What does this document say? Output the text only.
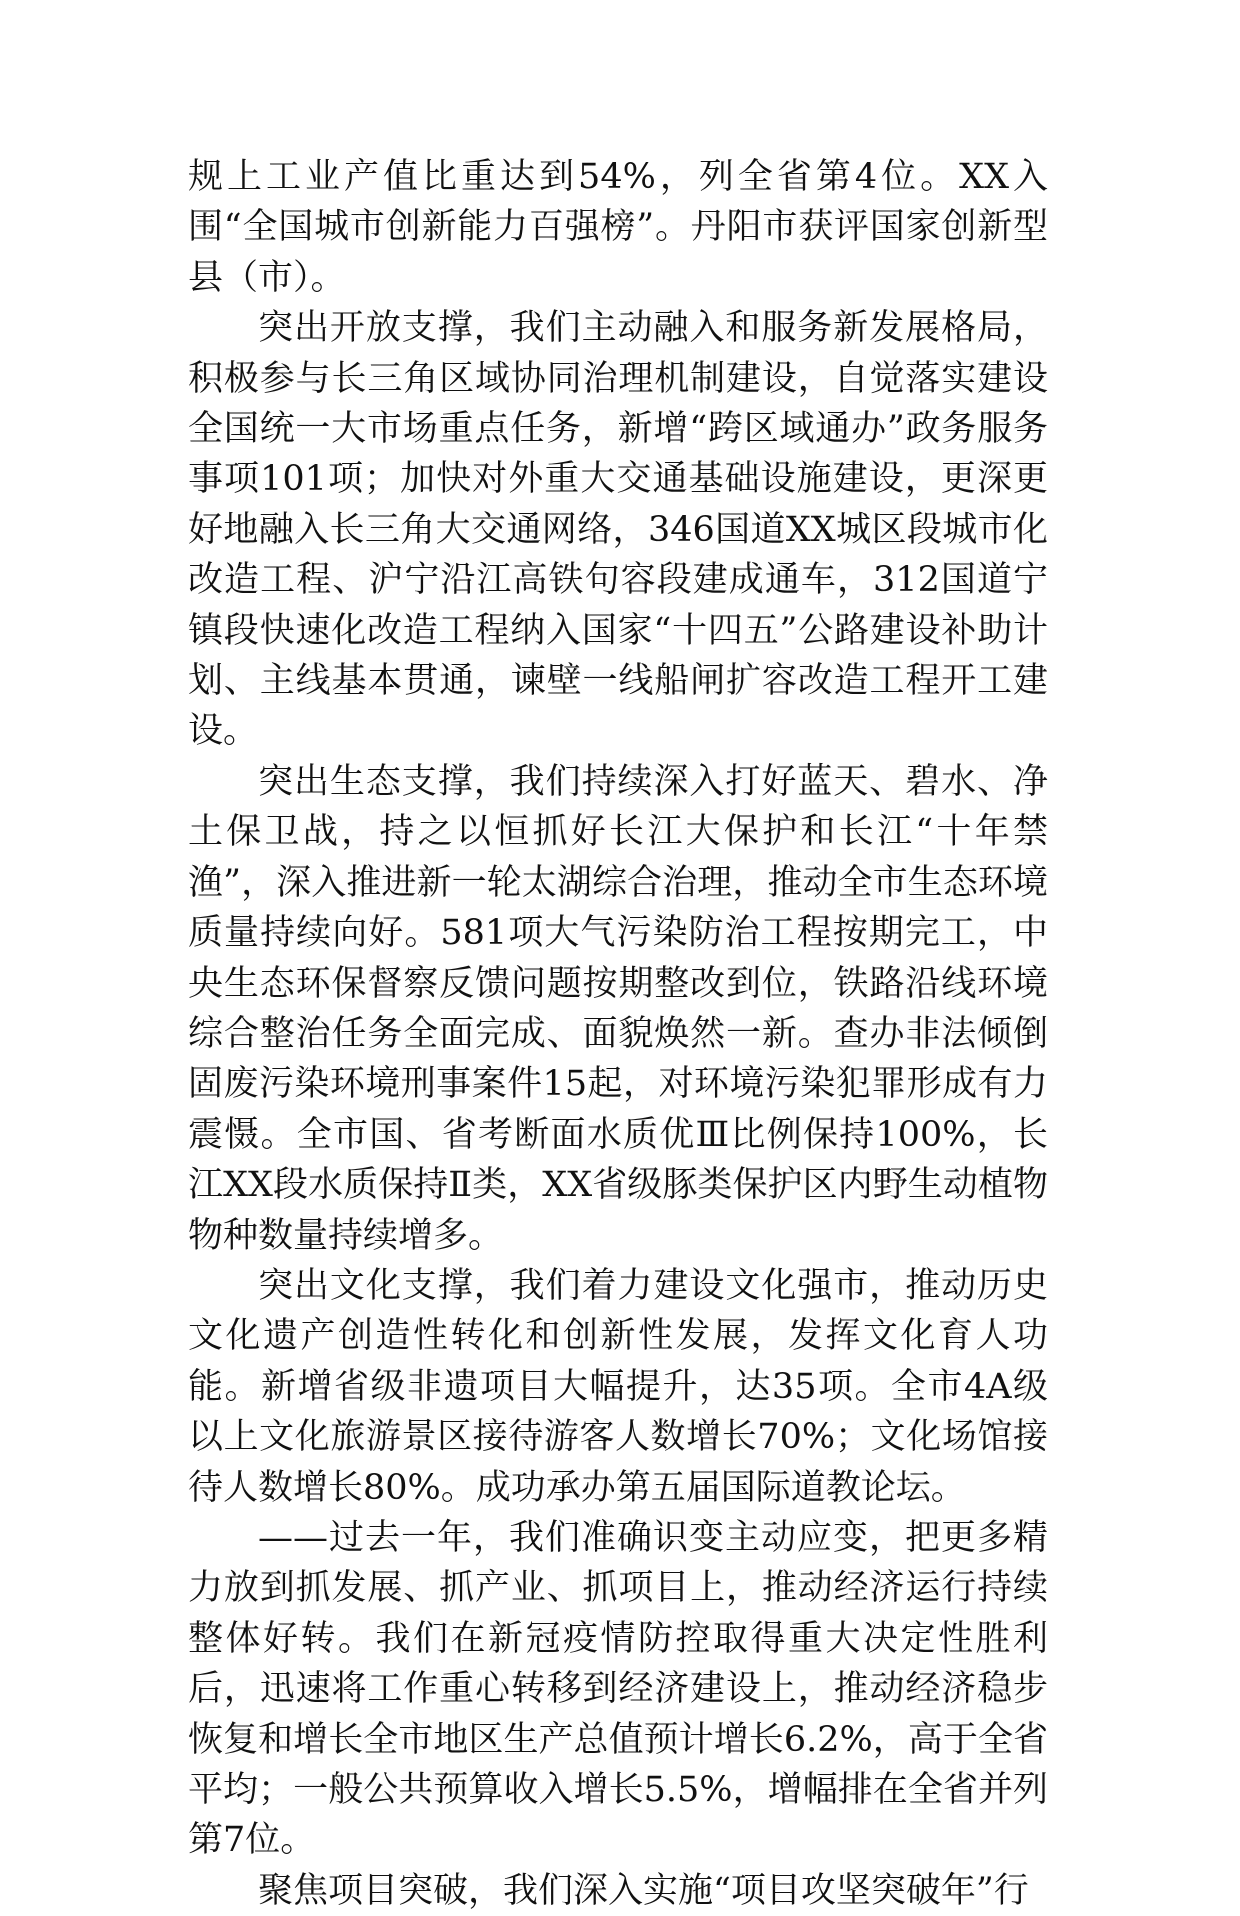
规上工业产值比重达到54%，列全省第4位。XX入围“全国城市创新能力百强榜”。丹阳市获评国家创新型县（市）。

突出开放支撑，我们主动融入和服务新发展格局，积极参与长三角区域协同治理机制建设，自觉落实建设全国统一大市场重点任务，新增“跨区域通办”政务服务事项101项；加快对外重大交通基础设施建设，更深更好地融入长三角大交通网络，346国道XX城区段城市化改造工程、沪宁沿江高铁句容段建成通车，312国道宁镇段快速化改造工程纳入国家“十四五”公路建设补助计划、主线基本贯通，谏壁一线船闸扩容改造工程开工建设。

突出生态支撑，我们持续深入打好蓝天、碧水、净土保卫战，持之以恒抓好长江大保护和长江“十年禁渔”，深入推进新一轮太湖综合治理，推动全市生态环境质量持续向好。581项大气污染防治工程按期完工，中央生态环保督察反馈问题按期整改到位，铁路沿线环境综合整治任务全面完成、面貌焕然一新。查办非法倾倒固废污染环境刑事案件15起，对环境污染犯罪形成有力震慑。全市国、省考断面水质优Ⅲ比例保持100%，长江XX段水质保持Ⅱ类，XX省级豚类保护区内野生动植物物种数量持续增多。

突出文化支撑，我们着力建设文化强市，推动历史文化遗产创造性转化和创新性发展，发挥文化育人功能。新增省级非遗项目大幅提升，达35项。全市4A级以上文化旅游景区接待游客人数增长70%；文化场馆接待人数增长80%。成功承办第五届国际道教论坛。

——过去一年，我们准确识变主动应变，把更多精力放到抓发展、抓产业、抓项目上，推动经济运行持续整体好转。我们在新冠疫情防控取得重大决定性胜利后，迅速将工作重心转移到经济建设上，推动经济稳步恢复和增长全市地区生产总值预计增长6.2%，高于全省平均；一般公共预算收入增长5.5%，增幅排在全省并列第7位。

聚焦项目突破，我们深入实施“项目攻坚突破年”行
